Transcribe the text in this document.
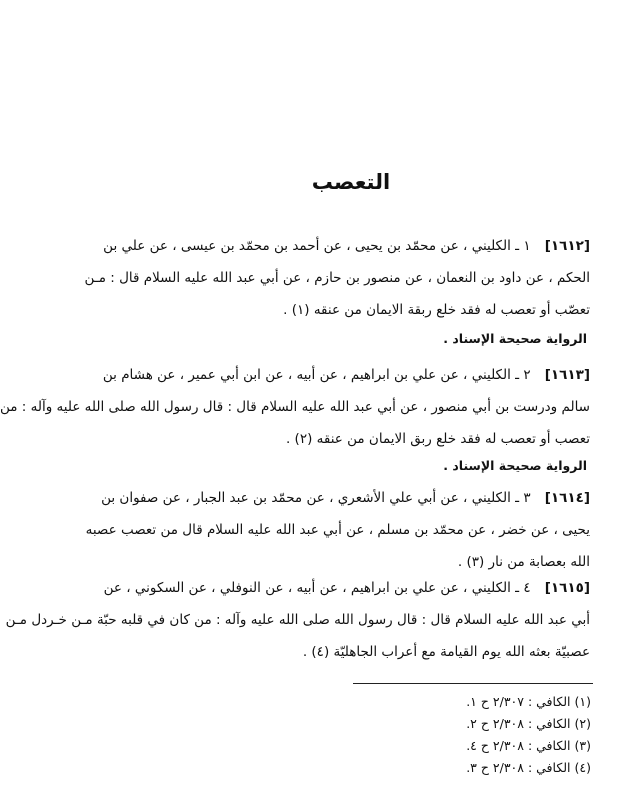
التعصب
[١٦١٢]١ ـ الكليني ، عن محمّد بن يحيى ، عن أحمد بن محمّد بن عيسى ، عن علي بن
الحكم ، عن داود بن النعمان ، عن منصور بن حازم ، عن أبي عبد الله عليه السلام قال : مـن
تعصّب أو تعصب له فقد خلع ربقة الايمان من عنقه (١) .
الرواية صحيحة الإسناد .
[١٦١٣]٢ ـ الكليني ، عن علي بن ابراهيم ، عن أبيه ، عن ابن أبي عمير ، عن هشام بن
سالم ودرست بن أبي منصور ، عن أبي عبد الله عليه السلام قال : قال رسول الله صلى الله عليه وآله : من
تعصب أو تعصب له فقد خلع ربق الايمان من عنقه (٢) .
الرواية صحيحة الإسناد .
[١٦١٤]٣ ـ الكليني ، عن أبي علي الأشعري ، عن محمّد بن عبد الجبار ، عن صفوان بن
يحيى ، عن خضر ، عن محمّد بن مسلم ، عن أبي عبد الله عليه السلام قال من تعصب عصبه
الله بعصابة من نار (٣) .
[١٦١٥]٤ ـ الكليني ، عن علي بن ابراهيم ، عن أبيه ، عن النوفلي ، عن السكوني ، عن
أبي عبد الله عليه السلام قال : قال رسول الله صلى الله عليه وآله : من كان في قلبه حبّة مـن خـردل مـن
عصبيّة بعثه الله يوم القيامة مع أعراب الجاهليّة (٤) .
(١) الكافي : ٢/٣٠٧ ح ١.
(٢) الكافي : ٢/٣٠٨ ح ٢.
(٣) الكافي : ٢/٣٠٨ ح ٤.
(٤) الكافي : ٢/٣٠٨ ح ٣.
